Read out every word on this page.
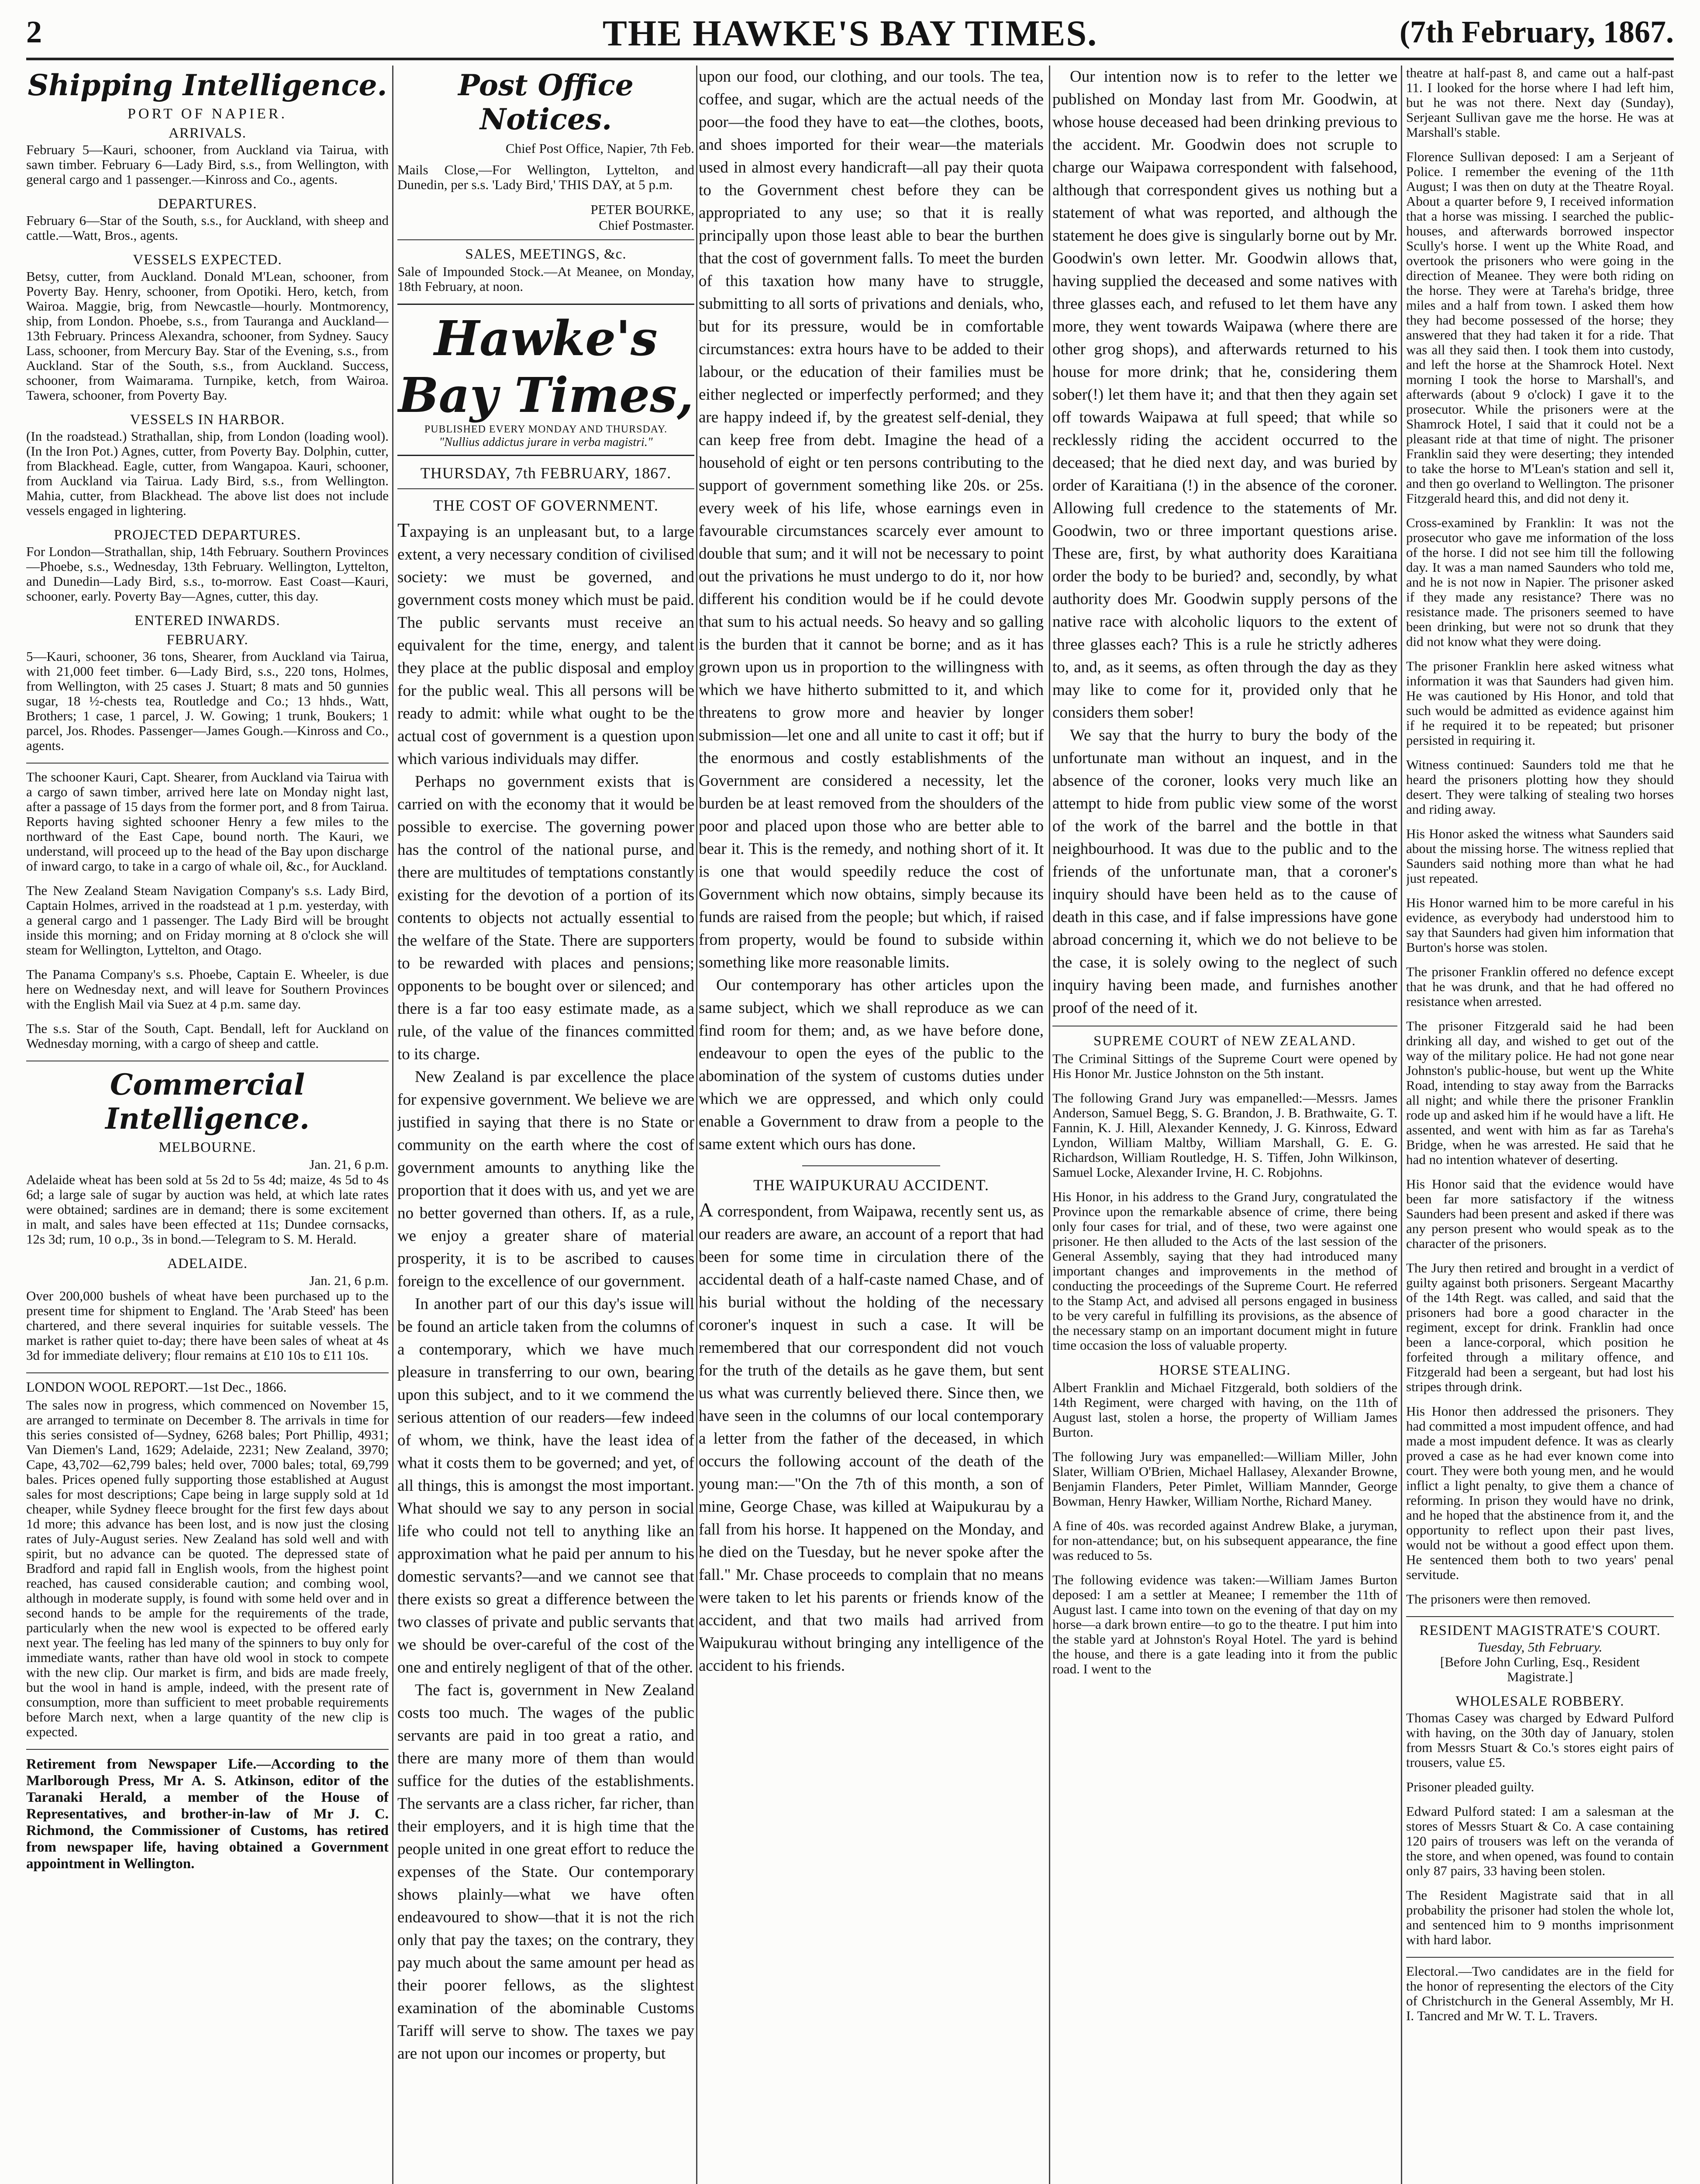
2	THE HAWKE'S BAY TIMES.	(7th February, 1867.
Shipping Intelligence.
PORT OF NAPIER.
ARRIVALS.

February 5—Kauri, schooner, from Auckland via Tairua, with sawn timber. February 6—Lady Bird, s.s., from Wellington, with general cargo and 1 passenger.—Kinross and Co., agents.

DEPARTURES.

February 6—Star of the South, s.s., for Auckland, with sheep and cattle.—Watt, Bros., agents.

VESSELS EXPECTED.

Betsy, cutter, from Auckland. Donald M'Lean, schooner, from Poverty Bay. Henry, schooner, from Opotiki. Hero, ketch, from Wairoa. Maggie, brig, from Newcastle—hourly. Montmorency, ship, from London. Phoebe, s.s., from Tauranga and Auckland—13th February. Princess Alexandra, schooner, from Sydney. Saucy Lass, schooner, from Mercury Bay. Star of the Evening, s.s., from Auckland. Star of the South, s.s., from Auckland. Success, schooner, from Waimarama. Turnpike, ketch, from Wairoa. Tawera, schooner, from Poverty Bay.

VESSELS IN HARBOR.

(In the roadstead.) Strathallan, ship, from London (loading wool). (In the Iron Pot.) Agnes, cutter, from Poverty Bay. Dolphin, cutter, from Blackhead. Eagle, cutter, from Wangapoa. Kauri, schooner, from Auckland via Tairua. Lady Bird, s.s., from Wellington. Mahia, cutter, from Blackhead. The above list does not include vessels engaged in lightering.

PROJECTED DEPARTURES.

For London—Strathallan, ship, 14th February. Southern Provinces—Phoebe, s.s., Wednesday, 13th February. Wellington, Lyttelton, and Dunedin—Lady Bird, s.s., to-morrow. East Coast—Kauri, schooner, early. Poverty Bay—Agnes, cutter, this day.

ENTERED INWARDS.
FEBRUARY.

5—Kauri, schooner, 36 tons, Shearer, from Auckland via Tairua, with 21,000 feet timber. 6—Lady Bird, s.s., 220 tons, Holmes, from Wellington, with 25 cases J. Stuart; 8 mats and 50 gunnies sugar, 18 ½-chests tea, Routledge and Co.; 13 hhds., Watt, Brothers; 1 case, 1 parcel, J. W. Gowing; 1 trunk, Boukers; 1 parcel, Jos. Rhodes. Passenger—James Gough.—Kinross and Co., agents.

The schooner Kauri, Capt. Shearer, from Auckland via Tairua with a cargo of sawn timber, arrived here late on Monday night last, after a passage of 15 days from the former port, and 8 from Tairua. Reports having sighted schooner Henry a few miles to the northward of the East Cape, bound north. The Kauri, we understand, will proceed up to the head of the Bay upon discharge of inward cargo, to take in a cargo of whale oil, &c., for Auckland.

The New Zealand Steam Navigation Company's s.s. Lady Bird, Captain Holmes, arrived in the roadstead at 1 p.m. yesterday, with a general cargo and 1 passenger. The Lady Bird will be brought inside this morning; and on Friday morning at 8 o'clock she will steam for Wellington, Lyttelton, and Otago.

The Panama Company's s.s. Phoebe, Captain E. Wheeler, is due here on Wednesday next, and will leave for Southern Provinces with the English Mail via Suez at 4 p.m. same day.

The s.s. Star of the South, Capt. Bendall, left for Auckland on Wednesday morning, with a cargo of sheep and cattle.

Commercial Intelligence.
MELBOURNE.
Jan. 21, 6 p.m.

Adelaide wheat has been sold at 5s 2d to 5s 4d; maize, 4s 5d to 4s 6d; a large sale of sugar by auction was held, at which late rates were obtained; sardines are in demand; there is some excitement in malt, and sales have been effected at 11s; Dundee cornsacks, 12s 3d; rum, 10 o.p., 3s in bond.—Telegram to S. M. Herald.

ADELAIDE.
Jan. 21, 6 p.m.

Over 200,000 bushels of wheat have been purchased up to the present time for shipment to England. The 'Arab Steed' has been chartered, and there several inquiries for suitable vessels. The market is rather quiet to-day; there have been sales of wheat at 4s 3d for immediate delivery; flour remains at £10 10s to £11 10s.

LONDON WOOL REPORT.—1st Dec., 1866.

The sales now in progress, which commenced on November 15, are arranged to terminate on December 8. The arrivals in time for this series consisted of—Sydney, 6268 bales; Port Phillip, 4931; Van Diemen's Land, 1629; Adelaide, 2231; New Zealand, 3970; Cape, 43,702—62,799 bales; held over, 7000 bales; total, 69,799 bales. Prices opened fully supporting those established at August sales for most descriptions; Cape being in large supply sold at 1d cheaper, while Sydney fleece brought for the first few days about 1d more; this advance has been lost, and is now just the closing rates of July-August series. New Zealand has sold well and with spirit, but no advance can be quoted. The depressed state of Bradford and rapid fall in English wools, from the highest point reached, has caused considerable caution; and combing wool, although in moderate supply, is found with some held over and in second hands to be ample for the requirements of the trade, particularly when the new wool is expected to be offered early next year. The feeling has led many of the spinners to buy only for immediate wants, rather than have old wool in stock to compete with the new clip. Our market is firm, and bids are made freely, but the wool in hand is ample, indeed, with the present rate of consumption, more than sufficient to meet probable requirements before March next, when a large quantity of the new clip is expected.

Retirement from Newspaper Life.—According to the Marlborough Press, Mr A. S. Atkinson, editor of the Taranaki Herald, a member of the House of Representatives, and brother-in-law of Mr J. C. Richmond, the Commissioner of Customs, has retired from newspaper life, having obtained a Government appointment in Wellington.

Post Office Notices.
Chief Post Office, Napier, 7th Feb.

Mails Close,—For Wellington, Lyttelton, and Dunedin, per s.s. 'Lady Bird,' THIS DAY, at 5 p.m.

PETER BOURKE,
Chief Postmaster.
SALES, MEETINGS, &c.

Sale of Impounded Stock.—At Meanee, on Monday, 18th February, at noon.

Hawke's Bay Times,
PUBLISHED EVERY MONDAY AND THURSDAY.
"Nullius addictus jurare in verba magistri."
THURSDAY, 7th FEBRUARY, 1867.
THE COST OF GOVERNMENT.

Taxpaying is an unpleasant but, to a large extent, a very necessary condition of civilised society: we must be governed, and government costs money which must be paid. The public servants must receive an equivalent for the time, energy, and talent they place at the public disposal and employ for the public weal. This all persons will be ready to admit: while what ought to be the actual cost of government is a question upon which various individuals may differ.

Perhaps no government exists that is carried on with the economy that it would be possible to exercise. The governing power has the control of the national purse, and there are multitudes of temptations constantly existing for the devotion of a portion of its contents to objects not actually essential to the welfare of the State. There are supporters to be rewarded with places and pensions; opponents to be bought over or silenced; and there is a far too easy estimate made, as a rule, of the value of the finances committed to its charge.

New Zealand is par excellence the place for expensive government. We believe we are justified in saying that there is no State or community on the earth where the cost of government amounts to anything like the proportion that it does with us, and yet we are no better governed than others. If, as a rule, we enjoy a greater share of material prosperity, it is to be ascribed to causes foreign to the excellence of our government.

In another part of our this day's issue will be found an article taken from the columns of a contemporary, which we have much pleasure in transferring to our own, bearing upon this subject, and to it we commend the serious attention of our readers—few indeed of whom, we think, have the least idea of what it costs them to be governed; and yet, of all things, this is amongst the most important. What should we say to any person in social life who could not tell to anything like an approximation what he paid per annum to his domestic servants?—and we cannot see that there exists so great a difference between the two classes of private and public servants that we should be over-careful of the cost of the one and entirely negligent of that of the other.

The fact is, government in New Zealand costs too much. The wages of the public servants are paid in too great a ratio, and there are many more of them than would suffice for the duties of the establishments. The servants are a class richer, far richer, than their employers, and it is high time that the people united in one great effort to reduce the expenses of the State. Our contemporary shows plainly—what we have often endeavoured to show—that it is not the rich only that pay the taxes; on the contrary, they pay much about the same amount per head as their poorer fellows, as the slightest examination of the abominable Customs Tariff will serve to show. The taxes we pay are not upon our incomes or property, but

upon our food, our clothing, and our tools. The tea, coffee, and sugar, which are the actual needs of the poor—the food they have to eat—the clothes, boots, and shoes imported for their wear—the materials used in almost every handicraft—all pay their quota to the Government chest before they can be appropriated to any use; so that it is really principally upon those least able to bear the burthen that the cost of government falls. To meet the burden of this taxation how many have to struggle, submitting to all sorts of privations and denials, who, but for its pressure, would be in comfortable circumstances: extra hours have to be added to their labour, or the education of their families must be either neglected or imperfectly performed; and they are happy indeed if, by the greatest self-denial, they can keep free from debt. Imagine the head of a household of eight or ten persons contributing to the support of government something like 20s. or 25s. every week of his life, whose earnings even in favourable circumstances scarcely ever amount to double that sum; and it will not be necessary to point out the privations he must undergo to do it, nor how different his condition would be if he could devote that sum to his actual needs. So heavy and so galling is the burden that it cannot be borne; and as it has grown upon us in proportion to the willingness with which we have hitherto submitted to it, and which threatens to grow more and heavier by longer submission—let one and all unite to cast it off; but if the enormous and costly establishments of the Government are considered a necessity, let the burden be at least removed from the shoulders of the poor and placed upon those who are better able to bear it. This is the remedy, and nothing short of it. It is one that would speedily reduce the cost of Government which now obtains, simply because its funds are raised from the people; but which, if raised from property, would be found to subside within something like more reasonable limits.

Our contemporary has other articles upon the same subject, which we shall reproduce as we can find room for them; and, as we have before done, endeavour to open the eyes of the public to the abomination of the system of customs duties under which we are oppressed, and which only could enable a Government to draw from a people to the same extent which ours has done.

THE WAIPUKURAU ACCIDENT.

A correspondent, from Waipawa, recently sent us, as our readers are aware, an account of a report that had been for some time in circulation there of the accidental death of a half-caste named Chase, and of his burial without the holding of the necessary coroner's inquest in such a case. It will be remembered that our correspondent did not vouch for the truth of the details as he gave them, but sent us what was currently believed there. Since then, we have seen in the columns of our local contemporary a letter from the father of the deceased, in which occurs the following account of the death of the young man:—"On the 7th of this month, a son of mine, George Chase, was killed at Waipukurau by a fall from his horse. It happened on the Monday, and he died on the Tuesday, but he never spoke after the fall." Mr. Chase proceeds to complain that no means were taken to let his parents or friends know of the accident, and that two mails had arrived from Waipukurau without bringing any intelligence of the accident to his friends.

Our intention now is to refer to the letter we published on Monday last from Mr. Goodwin, at whose house deceased had been drinking previous to the accident. Mr. Goodwin does not scruple to charge our Waipawa correspondent with falsehood, although that correspondent gives us nothing but a statement of what was reported, and although the statement he does give is singularly borne out by Mr. Goodwin's own letter. Mr. Goodwin allows that, having supplied the deceased and some natives with three glasses each, and refused to let them have any more, they went towards Waipawa (where there are other grog shops), and afterwards returned to his house for more drink; that he, considering them sober(!) let them have it; and that then they again set off towards Waipawa at full speed; that while so recklessly riding the accident occurred to the deceased; that he died next day, and was buried by order of Karaitiana (!) in the absence of the coroner. Allowing full credence to the statements of Mr. Goodwin, two or three important questions arise. These are, first, by what authority does Karaitiana order the body to be buried? and, secondly, by what authority does Mr. Goodwin supply persons of the native race with alcoholic liquors to the extent of three glasses each? This is a rule he strictly adheres to, and, as it seems, as often through the day as they may like to come for it, provided only that he considers them sober!

We say that the hurry to bury the body of the unfortunate man without an inquest, and in the absence of the coroner, looks very much like an attempt to hide from public view some of the worst of the work of the barrel and the bottle in that neighbourhood. It was due to the public and to the friends of the unfortunate man, that a coroner's inquiry should have been held as to the cause of death in this case, and if false impressions have gone abroad concerning it, which we do not believe to be the case, it is solely owing to the neglect of such inquiry having been made, and furnishes another proof of the need of it.

SUPREME COURT of NEW ZEALAND.

The Criminal Sittings of the Supreme Court were opened by His Honor Mr. Justice Johnston on the 5th instant.

The following Grand Jury was empanelled:—Messrs. James Anderson, Samuel Begg, S. G. Brandon, J. B. Brathwaite, G. T. Fannin, K. J. Hill, Alexander Kennedy, J. G. Kinross, Edward Lyndon, William Maltby, William Marshall, G. E. G. Richardson, William Routledge, H. S. Tiffen, John Wilkinson, Samuel Locke, Alexander Irvine, H. C. Robjohns.

His Honor, in his address to the Grand Jury, congratulated the Province upon the remarkable absence of crime, there being only four cases for trial, and of these, two were against one prisoner. He then alluded to the Acts of the last session of the General Assembly, saying that they had introduced many important changes and improvements in the method of conducting the proceedings of the Supreme Court. He referred to the Stamp Act, and advised all persons engaged in business to be very careful in fulfilling its provisions, as the absence of the necessary stamp on an important document might in future time occasion the loss of valuable property.

HORSE STEALING.

Albert Franklin and Michael Fitzgerald, both soldiers of the 14th Regiment, were charged with having, on the 11th of August last, stolen a horse, the property of William James Burton.

The following Jury was empanelled:—William Miller, John Slater, William O'Brien, Michael Hallasey, Alexander Browne, Benjamin Flanders, Peter Pimlet, William Mannder, George Bowman, Henry Hawker, William Northe, Richard Maney.

A fine of 40s. was recorded against Andrew Blake, a juryman, for non-attendance; but, on his subsequent appearance, the fine was reduced to 5s.

The following evidence was taken:—William James Burton deposed: I am a settler at Meanee; I remember the 11th of August last. I came into town on the evening of that day on my horse—a dark brown entire—to go to the theatre. I put him into the stable yard at Johnston's Royal Hotel. The yard is behind the house, and there is a gate leading into it from the public road. I went to the

theatre at half-past 8, and came out a half-past 11. I looked for the horse where I had left him, but he was not there. Next day (Sunday), Serjeant Sullivan gave me the horse. He was at Marshall's stable.

Florence Sullivan deposed: I am a Serjeant of Police. I remember the evening of the 11th August; I was then on duty at the Theatre Royal. About a quarter before 9, I received information that a horse was missing. I searched the public-houses, and afterwards borrowed inspector Scully's horse. I went up the White Road, and overtook the prisoners who were going in the direction of Meanee. They were both riding on the horse. They were at Tareha's bridge, three miles and a half from town. I asked them how they had become possessed of the horse; they answered that they had taken it for a ride. That was all they said then. I took them into custody, and left the horse at the Shamrock Hotel. Next morning I took the horse to Marshall's, and afterwards (about 9 o'clock) I gave it to the prosecutor. While the prisoners were at the Shamrock Hotel, I said that it could not be a pleasant ride at that time of night. The prisoner Franklin said they were deserting; they intended to take the horse to M'Lean's station and sell it, and then go overland to Wellington. The prisoner Fitzgerald heard this, and did not deny it.

Cross-examined by Franklin: It was not the prosecutor who gave me information of the loss of the horse. I did not see him till the following day. It was a man named Saunders who told me, and he is not now in Napier. The prisoner asked if they made any resistance? There was no resistance made. The prisoners seemed to have been drinking, but were not so drunk that they did not know what they were doing.

The prisoner Franklin here asked witness what information it was that Saunders had given him. He was cautioned by His Honor, and told that such would be admitted as evidence against him if he required it to be repeated; but prisoner persisted in requiring it.

Witness continued: Saunders told me that he heard the prisoners plotting how they should desert. They were talking of stealing two horses and riding away.

His Honor asked the witness what Saunders said about the missing horse. The witness replied that Saunders said nothing more than what he had just repeated.

His Honor warned him to be more careful in his evidence, as everybody had understood him to say that Saunders had given him information that Burton's horse was stolen.

The prisoner Franklin offered no defence except that he was drunk, and that he had offered no resistance when arrested.

The prisoner Fitzgerald said he had been drinking all day, and wished to get out of the way of the military police. He had not gone near Johnston's public-house, but went up the White Road, intending to stay away from the Barracks all night; and while there the prisoner Franklin rode up and asked him if he would have a lift. He assented, and went with him as far as Tareha's Bridge, when he was arrested. He said that he had no intention whatever of deserting.

His Honor said that the evidence would have been far more satisfactory if the witness Saunders had been present and asked if there was any person present who would speak as to the character of the prisoners.

The Jury then retired and brought in a verdict of guilty against both prisoners. Sergeant Macarthy of the 14th Regt. was called, and said that the prisoners had bore a good character in the regiment, except for drink. Franklin had once been a lance-corporal, which position he forfeited through a military offence, and Fitzgerald had been a sergeant, but had lost his stripes through drink.

His Honor then addressed the prisoners. They had committed a most impudent offence, and had made a most impudent defence. It was as clearly proved a case as he had ever known come into court. They were both young men, and he would inflict a light penalty, to give them a chance of reforming. In prison they would have no drink, and he hoped that the abstinence from it, and the opportunity to reflect upon their past lives, would not be without a good effect upon them. He sentenced them both to two years' penal servitude.

The prisoners were then removed.

RESIDENT MAGISTRATE'S COURT.
Tuesday, 5th February.
[Before John Curling, Esq., Resident Magistrate.]
WHOLESALE ROBBERY.

Thomas Casey was charged by Edward Pulford with having, on the 30th day of January, stolen from Messrs Stuart & Co.'s stores eight pairs of trousers, value £5.

Prisoner pleaded guilty.

Edward Pulford stated: I am a salesman at the stores of Messrs Stuart & Co. A case containing 120 pairs of trousers was left on the veranda of the store, and when opened, was found to contain only 87 pairs, 33 having been stolen.

The Resident Magistrate said that in all probability the prisoner had stolen the whole lot, and sentenced him to 9 months imprisonment with hard labor.

Electoral.—Two candidates are in the field for the honor of representing the electors of the City of Christchurch in the General Assembly, Mr H. I. Tancred and Mr W. T. L. Travers.
